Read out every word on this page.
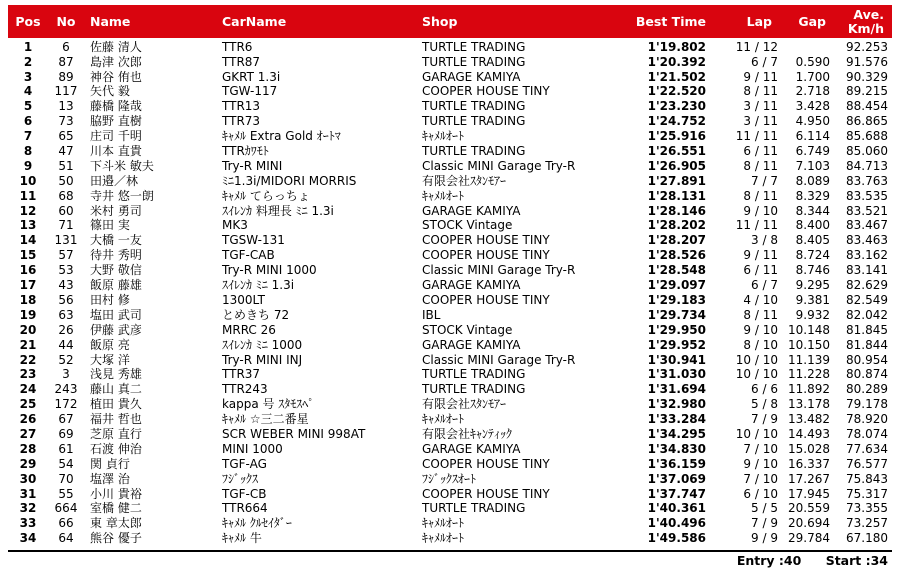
Pos	No	Name	CarName	Shop	Best Time	Lap	Gap	Ave.
Km/h

1	6	佐藤 清人	TTR6	TURTLE TRADING	1'19.802	11 / 12		92.253
2	87	島津 次郎	TTR87	TURTLE TRADING	1'20.392	6 / 7	0.590	91.576
3	89	神谷 侑也	GKRT 1.3i	GARAGE KAMIYA	1'21.502	9 / 11	1.700	90.329
4	117	矢代 毅	TGW-117	COOPER HOUSE TINY	1'22.520	8 / 11	2.718	89.215
5	13	藤橋 隆哉	TTR13	TURTLE TRADING	1'23.230	3 / 11	3.428	88.454
6	73	脇野 直樹	TTR73	TURTLE TRADING	1'24.752	3 / 11	4.950	86.865
7	65	庄司 千明	ｷｬﾒﾙ Extra Gold ｵｰﾄﾏ	ｷｬﾒﾙｵｰﾄ	1'25.916	11 / 11	6.114	85.688
8	47	川本 直貴	TTRｶﾜﾓﾄ	TURTLE TRADING	1'26.551	6 / 11	6.749	85.060
9	51	下斗米 敏夫	Try-R MINI	Classic MINI Garage Try-R	1'26.905	8 / 11	7.103	84.713
10	50	田邉／林	ﾐﾆ1.3i/MIDORI MORRIS	有限会社ｽﾀﾝﾓｱｰ	1'27.891	7 / 7	8.089	83.763
11	68	寺井 悠一朗	ｷｬﾒﾙ てらっちょ	ｷｬﾒﾙｵｰﾄ	1'28.131	8 / 11	8.329	83.535
12	60	米村 勇司	ｽｲﾚﾝｶ 料理長 ﾐﾆ 1.3i	GARAGE KAMIYA	1'28.146	9 / 10	8.344	83.521
13	71	篠田 実	MK3	STOCK Vintage	1'28.202	11 / 11	8.400	83.467
14	131	大橋 一友	TGSW-131	COOPER HOUSE TINY	1'28.207	3 / 8	8.405	83.463
15	57	待井 秀明	TGF-CAB	COOPER HOUSE TINY	1'28.526	9 / 11	8.724	83.162
16	53	大野 敬信	Try-R MINI 1000	Classic MINI Garage Try-R	1'28.548	6 / 11	8.746	83.141
17	43	飯原 藤雄	ｽｲﾚﾝｶ ﾐﾆ 1.3i	GARAGE KAMIYA	1'29.097	6 / 7	9.295	82.629
18	56	田村 修	1300LT	COOPER HOUSE TINY	1'29.183	4 / 10	9.381	82.549
19	63	塩田 武司	とめきち 72	IBL	1'29.734	8 / 11	9.932	82.042
20	26	伊藤 武彦	MRRC 26	STOCK Vintage	1'29.950	9 / 10	10.148	81.845
21	44	飯原 亮	ｽｲﾚﾝｶ ﾐﾆ 1000	GARAGE KAMIYA	1'29.952	8 / 10	10.150	81.844
22	52	大塚 洋	Try-R MINI INJ	Classic MINI Garage Try-R	1'30.941	10 / 10	11.139	80.954
23	3	浅見 秀雄	TTR37	TURTLE TRADING	1'31.030	10 / 10	11.228	80.874
24	243	藤山 真二	TTR243	TURTLE TRADING	1'31.694	6 / 6	11.892	80.289
25	172	植田 貴久	kappa 号 ｽﾀﾓｽﾍﾟ	有限会社ｽﾀﾝﾓｱｰ	1'32.980	5 / 8	13.178	79.178
26	67	福井 哲也	ｷｬﾒﾙ ☆三二番星	ｷｬﾒﾙｵｰﾄ	1'33.284	7 / 9	13.482	78.920
27	69	芝原 直行	SCR WEBER MINI 998AT	有限会社ｷｬﾝﾃｨｯｸ	1'34.295	10 / 10	14.493	78.074
28	61	石渡 伸治	MINI 1000	GARAGE KAMIYA	1'34.830	7 / 10	15.028	77.634
29	54	関 貞行	TGF-AG	COOPER HOUSE TINY	1'36.159	9 / 10	16.337	76.577
30	70	塩澤 治	ﾌｼﾞｯｸｽ	ﾌｼﾞｯｸｽｵｰﾄ	1'37.069	7 / 10	17.267	75.843
31	55	小川 貴裕	TGF-CB	COOPER HOUSE TINY	1'37.747	6 / 10	17.945	75.317
32	664	室橋 健二	TTR664	TURTLE TRADING	1'40.361	5 / 5	20.559	73.355
33	66	東 章太郎	ｷｬﾒﾙ ｸﾙｾｲﾀﾞｰ	ｷｬﾒﾙｵｰﾄ	1'40.496	7 / 9	20.694	73.257
34	64	熊谷 優子	ｷｬﾒﾙ 牛	ｷｬﾒﾙｵｰﾄ	1'49.586	9 / 9	29.784	67.180
Entry :40 Start :34
